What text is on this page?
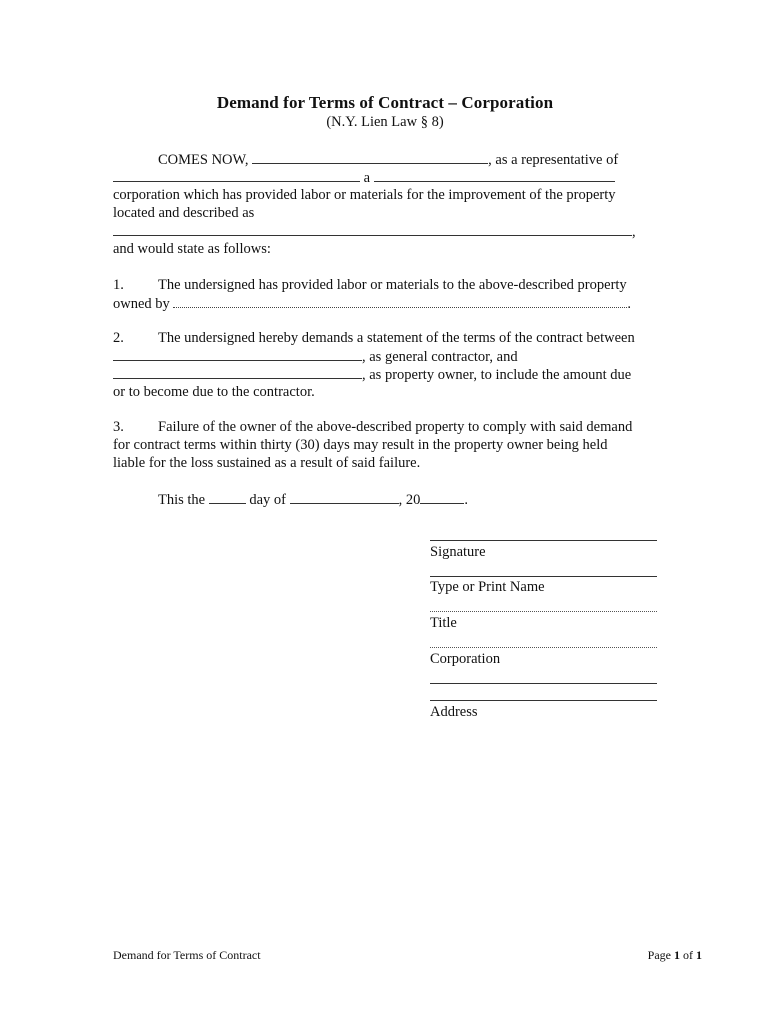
Demand for Terms of Contract – Corporation
(N.Y. Lien Law § 8)
COMES NOW,	, as a representative of
a
corporation which has provided labor or materials for the improvement of the property
located and described as
,
and would state as follows:
1. The undersigned has provided labor or materials to the above-described property
owned by	.
2. The undersigned hereby demands a statement of the terms of the contract between
, as general contractor, and
, as property owner, to include the amount due
or to become due to the contractor.
3. Failure of the owner of the above-described property to comply with said demand
for contract terms within thirty (30) days may result in the property owner being held
liable for the loss sustained as a result of said failure.
This the	day of	, 20	.
Signature
Type or Print Name
Title
Corporation
Address
Demand for Terms of Contract	Page 1 of 1
